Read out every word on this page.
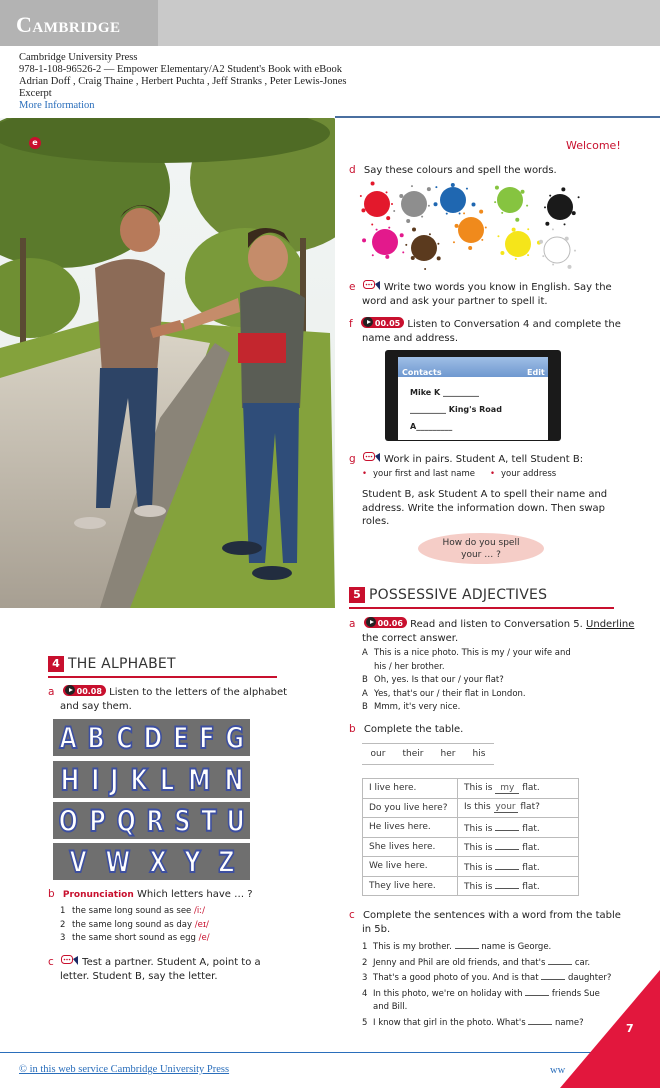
Cambridge
Cambridge University Press
978-1-108-96526-2 — Empower Elementary/A2 Student's Book with eBook
Adrian Doff , Craig Thaine , Herbert Puchta , Jeff Stranks , Peter Lewis-Jones
Excerpt
More Information
e	Welcome!
d Say these colours and spell the words.
e	Write two words you know in English. Say the
word and ask your partner to spell it.
f	00.05 Listen to Conversation 4 and complete the
name and address.
Contacts	Edit
Mike K _________
_________ King's Road
A_________
g	Work in pairs. Student A, tell Student B:
• your first and last name • your address
Student B, ask Student A to spell their name and
address. Write the information down. Then swap
roles.
How do you spell
your … ?
5 POSSESSIVE ADJECTIVES
a	00.06 Read and listen to Conversation 5. Underline
the correct answer.
A This is a nice photo. This is my / your wife and
his / her brother.
B Oh, yes. Is that our / your flat?
A Yes, that's our / their flat in London.
B Mmm, it's very nice.
b Complete the table.
our their her his
I live here.	This is my flat.
Do you live here?	Is this your flat?
He lives here.	This is flat.
She lives here.	This is flat.
We live here.	This is flat.
They live here.	This is flat.
c Complete the sentences with a word from the table
in 5b.
1 This is my brother.	name is George.
2 Jenny and Phil are old friends, and that's	car.
3 That's a good photo of you. And is that	daughter?
4 In this photo, we're on holiday with	friends Sue
and Bill.
5 I know that girl in the photo. What's	name?
4 THE ALPHABET
a	00.08 Listen to the letters of the alphabet
and say them.
A B C D E F G
H I J K L M N
O P Q R S T U
V W X Y Z
b Pronunciation Which letters have … ?
1 the same long sound as see /iː/
2 the same long sound as day /eɪ/
3 the same short sound as egg /e/
c	Test a partner. Student A, point to a
letter. Student B, say the letter.
© in this web service Cambridge University Press	ww
7
